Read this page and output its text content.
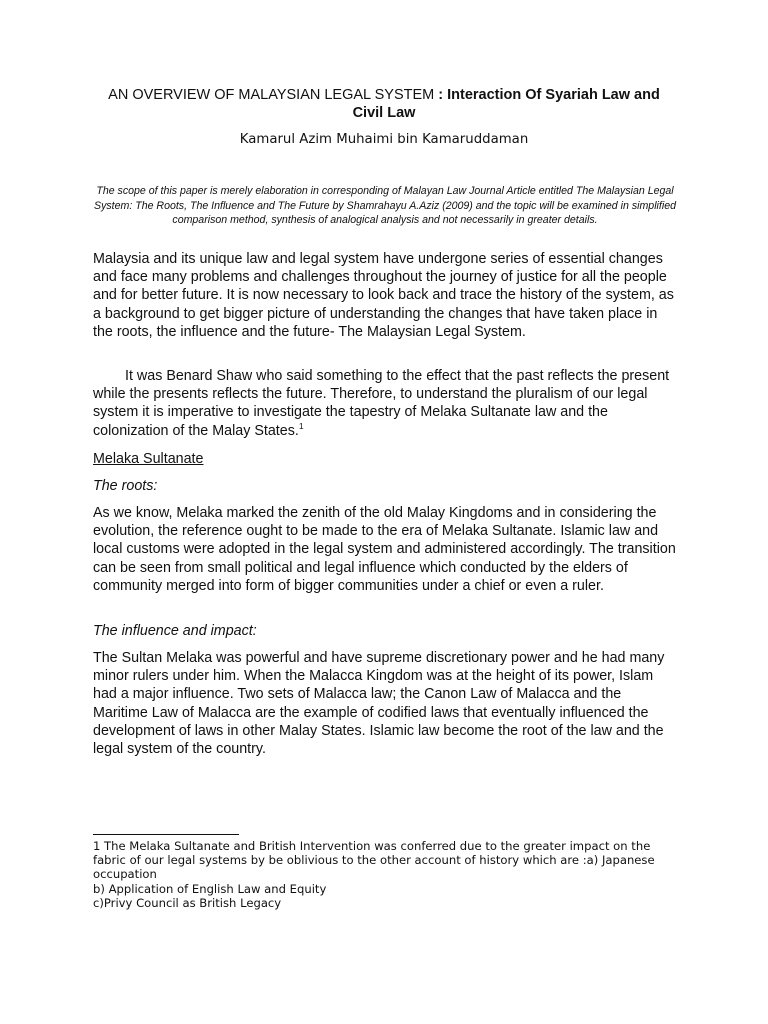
AN OVERVIEW OF MALAYSIAN LEGAL SYSTEM : Interaction Of Syariah Law and Civil Law

Kamarul Azim Muhaimi bin Kamaruddaman

The scope of this paper is merely elaboration in corresponding of Malayan Law Journal Article entitled The Malaysian Legal System: The Roots, The Influence and The Future by Shamrahayu A.Aziz (2009) and the topic will be examined in simplified comparison method, synthesis of analogical analysis and not necessarily in greater details.

Malaysia and its unique law and legal system have undergone series of essential changes and face many problems and challenges throughout the journey of justice for all the people and for better future. It is now necessary to look back and trace the history of the system, as a background to get bigger picture of understanding the changes that have taken place in the roots, the influence and the future- The Malaysian Legal System.

It was Benard Shaw who said something to the effect that the past reflects the present while the presents reflects the future. Therefore, to understand the pluralism of our legal system it is imperative to investigate the tapestry of Melaka Sultanate law and the colonization of the Malay States.$^1$

Melaka Sultanate

The roots:

As we know, Melaka marked the zenith of the old Malay Kingdoms and in considering the evolution, the reference ought to be made to the era of Melaka Sultanate. Islamic law and local customs were adopted in the legal system and administered accordingly. The transition can be seen from small political and legal influence which conducted by the elders of community merged into form of bigger communities under a chief or even a ruler.

The influence and impact:

The Sultan Melaka was powerful and have supreme discretionary power and he had many minor rulers under him. When the Malacca Kingdom was at the height of its power, Islam had a major influence. Two sets of Malacca law; the Canon Law of Malacca and the Maritime Law of Malacca are the example of codified laws that eventually influenced the development of laws in other Malay States. Islamic law become the root of the law and the legal system of the country.

1 The Melaka Sultanate and British Intervention was conferred due to the greater impact on the fabric of our legal systems by be oblivious to the other account of history which are :a) Japanese occupation
b) Application of English Law and Equity
c)Privy Council as British Legacy
